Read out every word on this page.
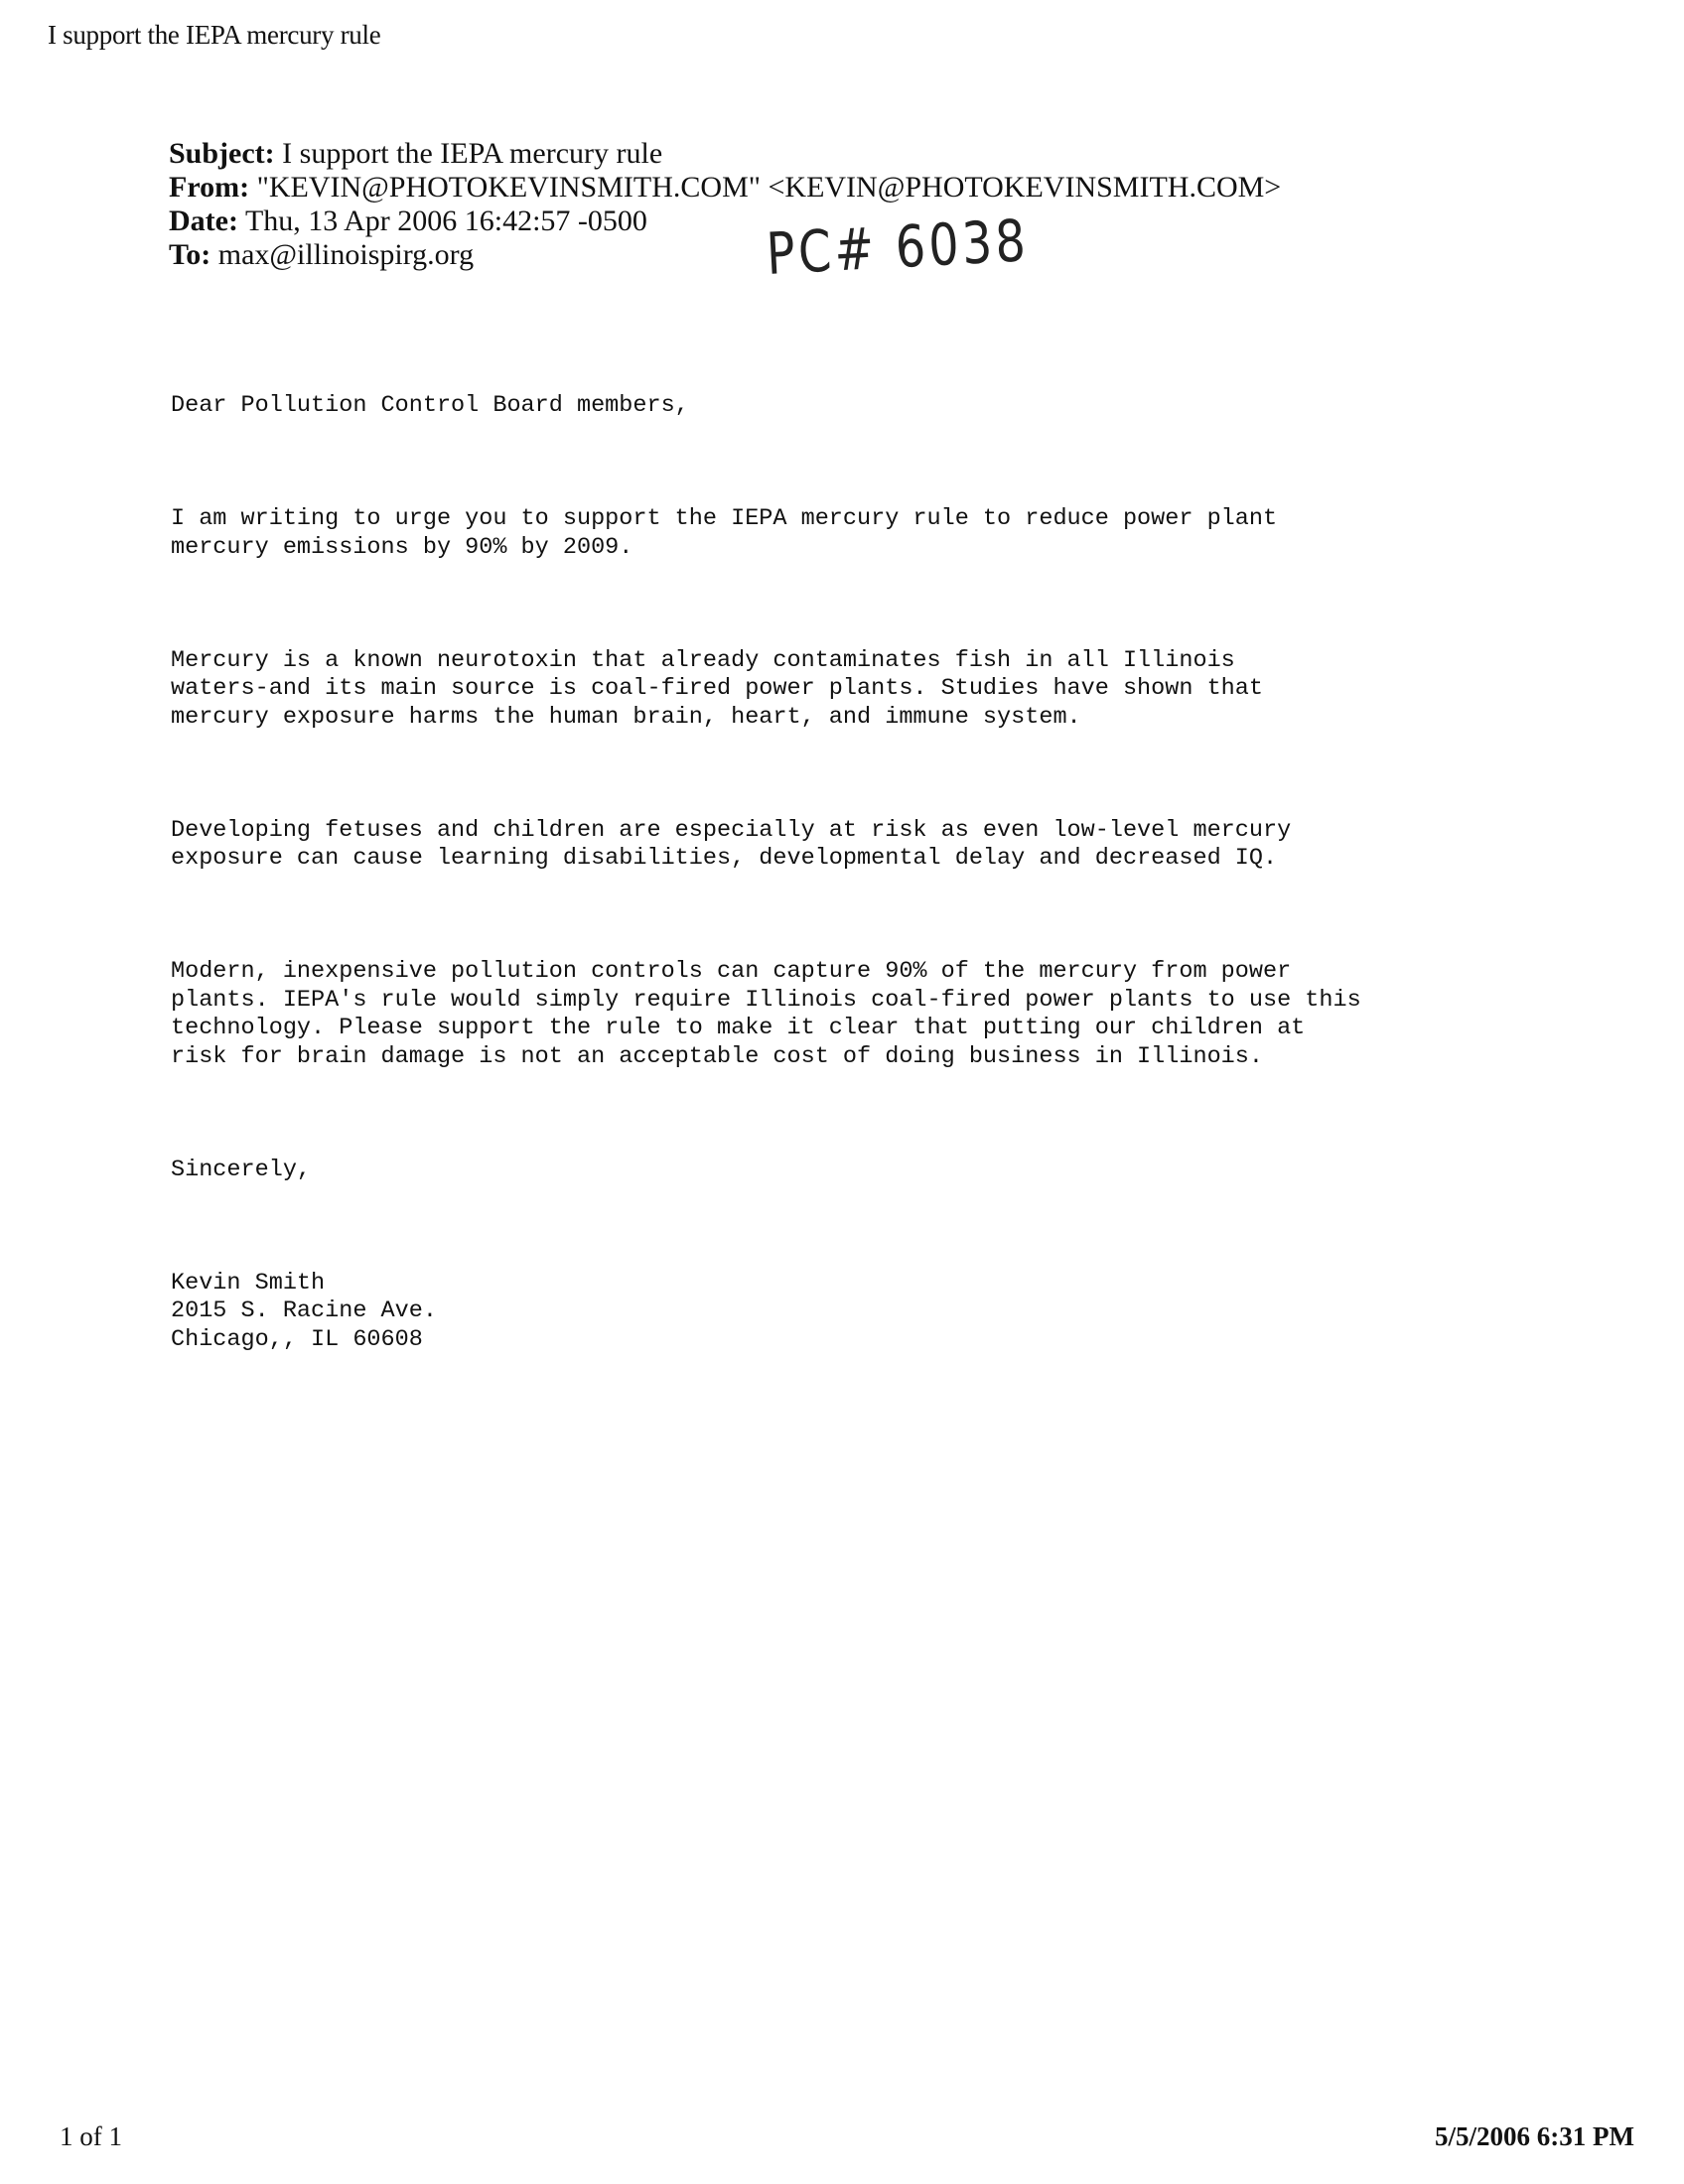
I support the IEPA mercury rule
Subject: I support the IEPA mercury rule
From: "KEVIN@PHOTOKEVINSMITH.COM" <KEVIN@PHOTOKEVINSMITH.COM>
Date: Thu, 13 Apr 2006 16:42:57 -0500
To: max@illinoispirg.org	PC# 6038

Dear Pollution Control Board members,

I am writing to urge you to support the IEPA mercury rule to reduce power plant
mercury emissions by 90% by 2009.

Mercury is a known neurotoxin that already contaminates fish in all Illinois
waters-and its main source is coal-fired power plants. Studies have shown that
mercury exposure harms the human brain, heart, and immune system.

Developing fetuses and children are especially at risk as even low-level mercury
exposure can cause learning disabilities, developmental delay and decreased IQ.

Modern, inexpensive pollution controls can capture 90% of the mercury from power
plants. IEPA's rule would simply require Illinois coal-fired power plants to use this
technology. Please support the rule to make it clear that putting our children at
risk for brain damage is not an acceptable cost of doing business in Illinois.

Sincerely,

Kevin Smith
2015 S. Racine Ave.
Chicago,, IL 60608

1 of 1	5/5/2006 6:31 PM
